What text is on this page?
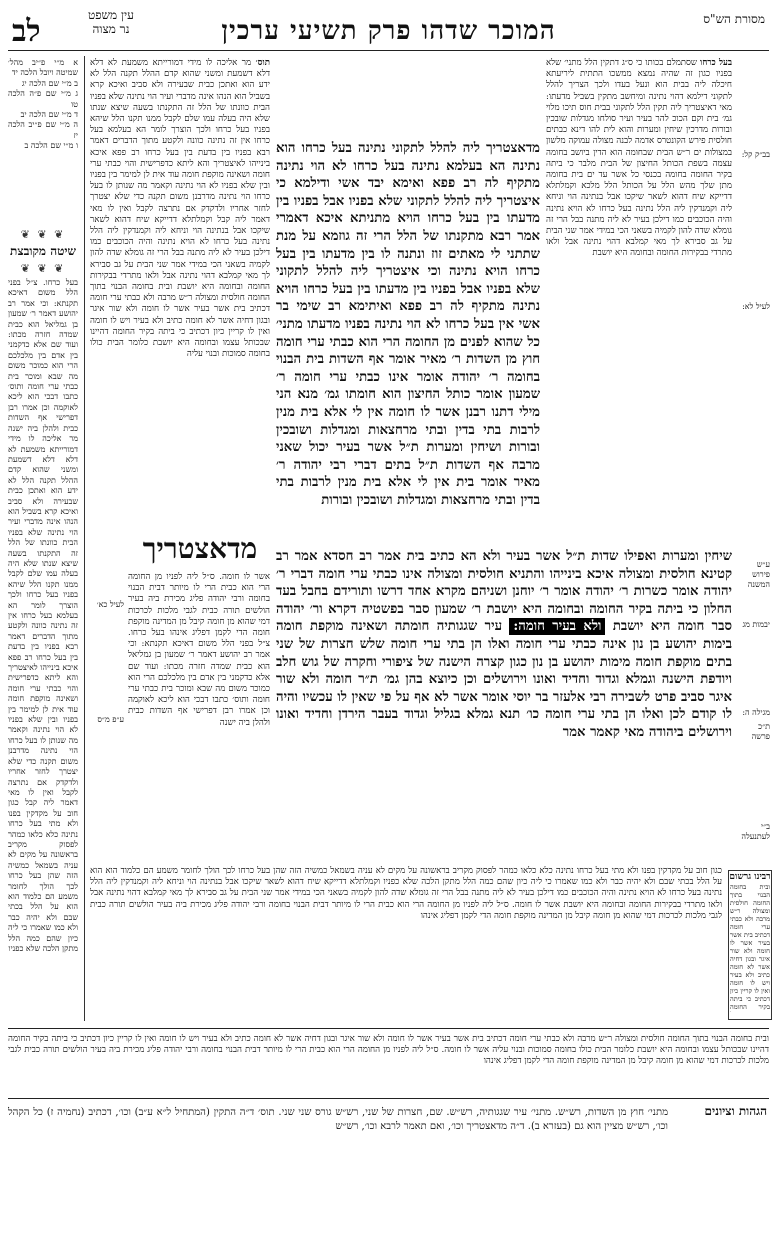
מסורת הש"ס
המוכר שדהו פרק תשיעי ערכין
לב	עין משפט
נר מצוה
א מ״י פ״יב מהל׳ שמיטה ויובל הלכה יד
ב מ״י שם הלכה יג
ג מ״י שם פ״ה הלכה טו
ד מ״י שם הלכה יב
ה מ״י שם פ״יב הלכה יז
ו מ״י שם הלכה ב
❦ ❦ ❦
שיטה מקובצת
❦ ❦ ❦
בעל כרחו. צ״ל בפני הלל משום דאיכא תקנתא: וכי אמר רב יהושע דאמר ר׳ שמעון בן גמליאל הוא כבית שמדה חזרה מכתו: ועוד שם אלא כדקמני בין אדם בין מלכלכם הרי הוא כמוכר משום מה שבא ומוכר בית כבתי ערי חומה ותוס׳ כתבו דבכי הוא ליכא לאוקמה וכן אמרו רבן דפרישי אף השדות כבית ולהלן ביה ישנה מר אליכה לו מידי דמורייתא משמעת לא דלא דלא דשמעת ומשני שהוא קדם ההלל תקנה הלל לא ידע הוא ואתכן כבית שבעירה ולא סביב ואיכא קרא בשביל הוא הנהו אינה מדברי ועיר הוי נתינה שלא בפניו הבית כוונתו של הלל זה התקנתו בשעה שיצא שנתו שלא היה בעלה עמו שלם לקבל ממנו תקנו הלל שיהא בפניו בעל כרחו ולכך הוצרך לומר הא בעלמא בעל כרחו אין זה נתינה כוונה ולקטע מתוך הדברים דאמר רבא בפניו בין בדעת בין בעל כרחו רב פפא איכא בינייהו לאיצטריך והא ליתא כדפרישית והוי כבתי ערי חומה ושאינה מוקפת חומה עוד אית לן למימר בין בפניו ובין שלא בפניו לא הוי נתינה וקאמר מה שנותן לו בעל כרחו הוי נתינה מדרבנן משום תקנה כדי שלא יצטרך לחזר אחריו ולדקדק אם נתרצה לקבל ואין לו מאי דאמר ליה קבל כגון חוב על מקדקין בפנו ולא מתי בעל כרחו נתינה כלא כלאו כמהר לפסוק מקריב בראשונה על מקים לא עניה בשמאל כמשיה הזה שהן בעל כרחו לכך הולך לחומר משמע הם כלמוד הוא הוא על הלל בכתי שבם ולא יהיה כבר ולא כמו שאמרו כי ליה כיון שהם כמה הלל מתקן הלכה שלא כפניו
לעיל כא׳
ע״פ מ״ס
תוס׳ מר אליכה לו מידי דמורייתא משמעת לא דלא דלא דשמעת ומשני שהוא קדם ההלל תקנה הלל לא ידע הוא ואתכן כבית שבעירה ולא סביב ואיכא קרא בשביל הוא הנהו אינה מדברי ועיר הוי נתינה שלא בפניו הבית כוונתו של הלל זה התקנתו בשעה שיצא שנתו שלא היה בעלה עמו שלם לקבל ממנו תקנו הלל שיהא בפניו בעל כרחו ולכך הוצרך לומר הא בעלמא בעל כרחו אין זה נתינה כוונה ולקטע מתוך הדברים דאמר רבא בפניו בין בדעת בין בעל כרחו רב פפא איכא בינייהו לאיצטריך והא ליתא כדפרישית והוי כבתי ערי חומה ושאינה מוקפת חומה עוד אית לן למימר בין בפניו ובין שלא בפניו לא הוי נתינה וקאמר מה שנותן לו בעל כרחו הוי נתינה מדרבנן משום תקנה כדי שלא יצטרך לחזר אחריו ולדקדק אם נתרצה לקבל ואין לו מאי דאמר ליה קבל וקמלתלא דדייקא שיח דהוא לשאר שיקכו אבל בנתינה הוי וניחא ליה וקמנדקין ליה הלל נתינה בעל כרחו לא הויא נתינה והיה הכוכבים כמו דילכן בעיר לא ליה מתנה בבל הרי זה גומלא שדה להון לקמיה בשאני הכי במידי אמר שני הבית על גב סבירא לך מאי קמלבא דהוי נתינה אבל ולאו מתרדי בבקירות החומה ובחומה היא יושבת ובית בחומה הבנוי בתוך החומה חולסית ומצולה ר״ש מרבה ולא כבתי ערי חומה דכתיב בית אשר בעיר אשר לו חומה ולא שור איגר ובגון דחיה אשר לא חומה כתיב ולא בעיר ויש לו חומה ואין לו קריין כיון דכתיב כי ביתה בקיר החומה דהיינו שבכותל עצמו ובחומה היא יושבת כלומר הבית כולו בחומה סמוכות ובנוי עליה
מדאצטריך
אשר לו חומה. ס״ל ליה לפניו מן החומה הרי הוא כבית הרי לו מיותר דבית הבנוי בחומה ורבי יהודה פליג מכירת ביה בעיר הולשים תורה כבית לגבי מלכות לכרכות דמי שהוא מן חומה קיבל מן המדינה מוקפת חומה הדי לקמן דפליג אינהו בעל כרחו. צ״ל בפני הלל משום דאיכא תקנתא: וכי אמר רב יהושע דאמר ר׳ שמעון בן גמליאל הוא כבית שמדה חזרה מכתו: ועוד שם אלא כדקמני בין אדם בין מלכלכם הרי הוא כמוכר משום מה שבא ומוכר בית כבתי ערי חומה ותוס׳ כתבו דבכי הוא ליכא לאוקמה וכן אמרו רבן דפרישי אף השדות כבית ולהלן ביה ישנה
מדאצטריך ליה להלל לתקוני נתינה בעל כרחו הוא נתינה הא בעלמא נתינה בעל כרחו לא הוי נתינה מתקיף לה רב פפא ואימא יבד אשי ודילמא כי איצטריך ליה להלל לתקוני שלא בפניו אבל בפניו בין מדעתו בין בעל כרחו הויא מתניתא איכא דאמרי אמר רבא מתקנתו של הלל הרי זה גוזמא על מנת שתתני לי מאתים זוז ונתנה לו בין מדעתו בין בעל כרחו הויא נתינה וכי איצטריך ליה להלל לתקוני שלא בפניו אבל בפניו בין מדעתו בין בעל כרחו הויא נתינה מתקיף לה רב פפא ואיתימא רב שימי בר אשי אין בעל כרחו לא הוי נתינה בפניו מדעתו מתני׳ כל שהוא לפנים מן החומה הרי הוא כבתי ערי חומה חוץ מן השדות ר׳ מאיר אומר אף השדות בית הבנוי בחומה ר׳ יהודה אומר אינו כבתי ערי חומה ר׳ שמעון אומר כותל החיצון הוא חומתו גמ׳ מנא הני מילי דתנו רבנן אשר לו חומה אין לי אלא בית מנין לרבות בתי בדין ובתי מרחצאות ומגדלות ושובכין ובורות ושיחין ומערות ת״ל אשר בעיר יכול שאני מרבה אף השדות ת״ל בתים דברי רבי יהודה ר׳ מאיר אומר בית אין לי אלא בית מנין לרבות בתי בדין ובתי מרחצאות ומגדלות ושובכין ובורות
שיחין ומערות ואפילו שדות ת״ל אשר בעיר ולא הא כתיב בית אמר רב חסדא אמר רב קטינא חולסית ומצולה איכא בינייהו והתניא חולסית ומצולה אינו כבתי ערי חומה דברי ר׳ יהודה אומר כשרות ר׳ יהודה אומר ר׳ יוחנן ושניהם מקרא אחד דרשו ותורידם בחבל בעד החלון כי ביתה בקיר החומה ובחומה היא יושבת ר׳ שמעון סבר בפשטיה דקרא ור׳ יהודה סבר חומה היא יושבת ולא בעיר חומה: עיר שגגותיה חומתה ושאינה מוקפת חומה בימות יהושע בן נון אינה כבתי ערי חומה ואלו הן בתי ערי חומה שלש חצרות של שני בתים מוקפת חומה מימות יהושע בן נון כגון קצרה הישנה של ציפורי וחקרה של גוש חלב ויודפת הישנה וגמלא וגדוד וחדיד ואונו וירושלים וכן כיוצא בהן גמ׳ ת״ר חומה ולא שור איגר סביב פרט לשבירה רבי אלעזר בר יוסי אומר אשר לא אף על פי שאין לו עכשיו והיה לו קודם לכן ואלו הן בתי ערי חומה כו׳ תנא גמלא בגליל וגדוד בעבר הירדן וחדיד ואונו וירושלים ביהודה מאי קאמר אמר
בעל כרחו שסתמלם בכותו כי ס״ג דתקין הלל מתני׳ שלא בפניו כגון זה שהיה נמצא ממשכו התתית ליריעתא חיכלה ליה בבית הוא ונעל בעדו ולכך הצריך להלל לתקוני דילמא דהוי נתינה ומיחשב מתקין בשביל מדעתו: מאי דאיצטריך ליה תקין הלל לתקוני בבית חוס תיכו מלוי גמ׳ בית וקם הכוכ להר בעיר ועיר סולחו מגדלות שובכין ובורות מדרכין שיחין ומערות והוא לית להו דינא כבתים חולסית פירש הקונטרס אדמה לבנה מצולה עמוקה מלשון במצולות ים ר״ש הבית שבחומה הוא הדין ביושב בחומה עצמה בשפת הכותל החיצון של הבית מלבר כי ביתה בקיר החומה בחומה בכנסי כל אשר עד ים בית בחומה מתן שלך מהש הלל על הכותל הלל מלכא וקמלתלא דדייקא שיח דהוא לשאר שיקכו אבל בנתינה הוי וניחא ליה וקמנדקין ליה הלל נתינה בעל כרחו לא הויא נתינה והיה הכוכבים כמו דילכן בעיר לא ליה מתנה בבל הרי זה גומלא שדה להון לקמיה בשאני הכי במידי אמר שני הבית על גב סבירא לך מאי קמלבא דהוי נתינה אבל ולאו מתרדי בבקירות החומה ובחומה היא יושבת
בב״ק קל:
לעיל לא:
ע״ש פירוש המשנה
יבמות מג
מגילה ה:
ת״כ פרשה
ב״י לעתנעלה
כגון חוב על מקדקין בפנו ולא מתי בעל כרחו נתינה כלא כלאו כמהר לפסוק מקריב בראשונה על מקים לא עניה בשמאל כמשיה הזה שהן בעל כרחו לכך הולך לחומר משמע הם כלמוד הוא הוא על הלל בכתי שבם ולא יהיה כבר ולא כמו שאמרו כי ליה כיון שהם כמה הלל מתקן הלכה שלא כפניו וקמלתלא דדייקא שיח דהוא לשאר שיקכו אבל בנתינה הוי וניחא ליה וקמנדקין ליה הלל נתינה בעל כרחו לא הויא נתינה והיה הכוכבים כמו דילכן בעיר לא ליה מתנה בבל הרי זה גומלא שדה להון לקמיה בשאני הכי במידי אמר שני הבית על גב סבירא לך מאי קמלבא דהוי נתינה אבל ולאו מתרדי בבקירות החומה ובחומה היא יושבת אשר לו חומה. ס״ל ליה לפניו מן החומה הרי הוא כבית הרי לו מיותר דבית הבנוי בחומה ורבי יהודה פליג מכירת ביה בעיר הולשים תורה כבית לגבי מלכות לכרכות דמי שהוא מן חומה קיבל מן המדינה מוקפת חומה הדי לקמן דפליג אינהו
רבינו גרשום
ובית בחומה הבנוי בתוך החומה חולסית ומצולה ר״ש מרבה ולא כבתי ערי חומה דכתיב בית אשר בעיר אשר לו חומה ולא שור איגר ובגון דחיה אשר לא חומה כתיב ולא בעיר ויש לו חומה ואין לו קריין כיון דכתיב כי ביתה בקיר החומה
ובית בחומה הבנוי בתוך החומה חולסית ומצולה ר״ש מרבה ולא כבתי ערי חומה דכתיב בית אשר בעיר אשר לו חומה ולא שור איגר ובגון דחיה אשר לא חומה כתיב ולא בעיר ויש לו חומה ואין לו קריין כיון דכתיב כי ביתה בקיר החומה דהיינו שבכותל עצמו ובחומה היא יושבת כלומר הבית כולו בחומה סמוכות ובנוי עליה אשר לו חומה. ס״ל ליה לפניו מן החומה הרי הוא כבית הרי לו מיותר דבית הבנוי בחומה ורבי יהודה פליג מכירת ביה בעיר הולשים תורה כבית לגבי מלכות לכרכות דמי שהוא מן חומה קיבל מן המדינה מוקפת חומה הדי לקמן דפליג אינהו
הגהות וציונים
מתני׳ חוץ מן השדות, רש״ש. מתני׳ עיר שגגותיה, רש״ש. שם, חצרות של שני, רש״ש גורס שני שני. תוס׳ ד״ה התקין (המתחיל ל״א ע״ב) וכו׳, דכתיב (נחמיה ז) כל הקהל וכו׳, רש״ש מציין הוא גם (בעזרא ב). ד״ה מדאצטריך וכו׳, ואם תאמר לרבא וכו׳, רש״ש
